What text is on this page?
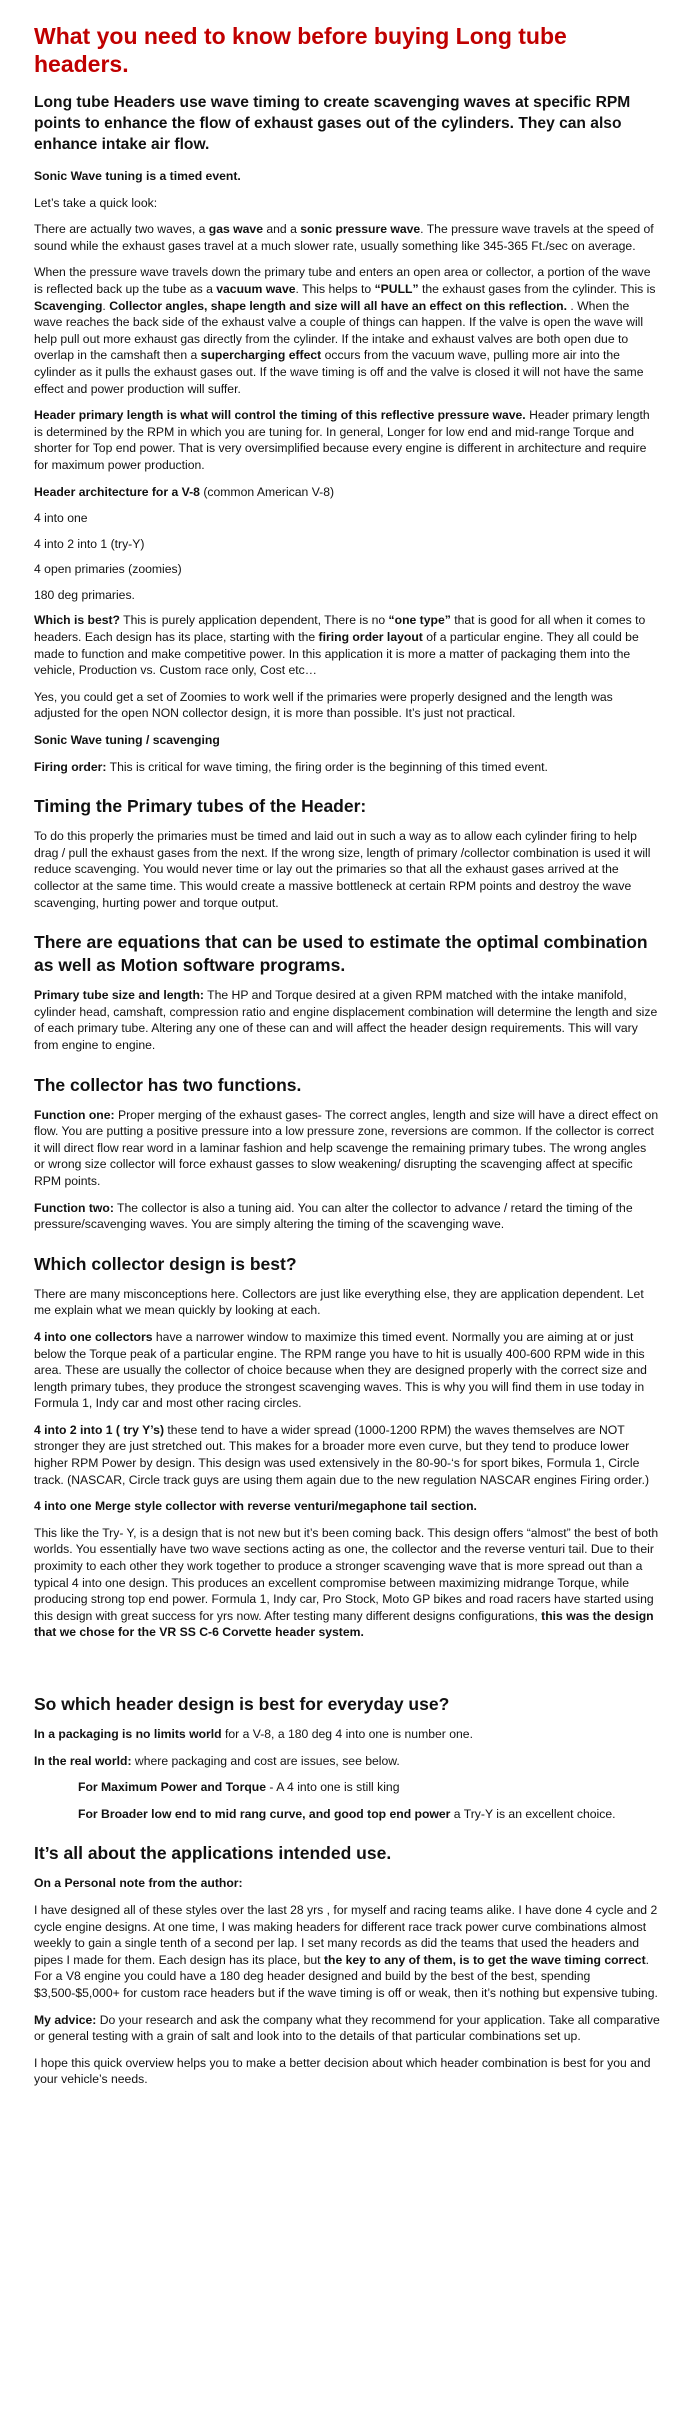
What you need to know before buying Long tube headers.
Long tube Headers use wave timing to create scavenging waves at specific RPM points to enhance the flow of exhaust gases out of the cylinders. They can also enhance intake air flow.

Sonic Wave tuning is a timed event.

Let’s take a quick look:

There are actually two waves, a gas wave and a sonic pressure wave. The pressure wave travels at the speed of sound while the exhaust gases travel at a much slower rate, usually something like 345-365 Ft./sec on average.

When the pressure wave travels down the primary tube and enters an open area or collector, a portion of the wave is reflected back up the tube as a vacuum wave. This helps to “PULL” the exhaust gases from the cylinder. This is Scavenging. Collector angles, shape length and size will all have an effect on this reflection. . When the wave reaches the back side of the exhaust valve a couple of things can happen. If the valve is open the wave will help pull out more exhaust gas directly from the cylinder. If the intake and exhaust valves are both open due to overlap in the camshaft then a supercharging effect occurs from the vacuum wave, pulling more air into the cylinder as it pulls the exhaust gases out. If the wave timing is off and the valve is closed it will not have the same effect and power production will suffer.

Header primary length is what will control the timing of this reflective pressure wave. Header primary length is determined by the RPM in which you are tuning for. In general, Longer for low end and mid-range Torque and shorter for Top end power. That is very oversimplified because every engine is different in architecture and require for maximum power production.

Header architecture for a V-8 (common American V-8)

4 into one

4 into 2 into 1 (try-Y)

4 open primaries (zoomies)

180 deg primaries.

Which is best? This is purely application dependent, There is no “one type” that is good for all when it comes to headers. Each design has its place, starting with the firing order layout of a particular engine. They all could be made to function and make competitive power. In this application it is more a matter of packaging them into the vehicle, Production vs. Custom race only, Cost etc…

Yes, you could get a set of Zoomies to work well if the primaries were properly designed and the length was adjusted for the open NON collector design, it is more than possible. It’s just not practical.

Sonic Wave tuning / scavenging

Firing order: This is critical for wave timing, the firing order is the beginning of this timed event.

Timing the Primary tubes of the Header:

To do this properly the primaries must be timed and laid out in such a way as to allow each cylinder firing to help drag / pull the exhaust gases from the next. If the wrong size, length of primary /collector combination is used it will reduce scavenging. You would never time or lay out the primaries so that all the exhaust gases arrived at the collector at the same time. This would create a massive bottleneck at certain RPM points and destroy the wave scavenging, hurting power and torque output.

There are equations that can be used to estimate the optimal combination as well as Motion software programs.

Primary tube size and length: The HP and Torque desired at a given RPM matched with the intake manifold, cylinder head, camshaft, compression ratio and engine displacement combination will determine the length and size of each primary tube. Altering any one of these can and will affect the header design requirements. This will vary from engine to engine.

The collector has two functions.

Function one: Proper merging of the exhaust gases- The correct angles, length and size will have a direct effect on flow. You are putting a positive pressure into a low pressure zone, reversions are common. If the collector is correct it will direct flow rear word in a laminar fashion and help scavenge the remaining primary tubes. The wrong angles or wrong size collector will force exhaust gasses to slow weakening/ disrupting the scavenging affect at specific RPM points.

Function two: The collector is also a tuning aid. You can alter the collector to advance / retard the timing of the pressure/scavenging waves. You are simply altering the timing of the scavenging wave.

Which collector design is best?

There are many misconceptions here. Collectors are just like everything else, they are application dependent. Let me explain what we mean quickly by looking at each.

4 into one collectors have a narrower window to maximize this timed event. Normally you are aiming at or just below the Torque peak of a particular engine. The RPM range you have to hit is usually 400-600 RPM wide in this area. These are usually the collector of choice because when they are designed properly with the correct size and length primary tubes, they produce the strongest scavenging waves. This is why you will find them in use today in Formula 1, Indy car and most other racing circles.

4 into 2 into 1 ( try Y’s) these tend to have a wider spread (1000-1200 RPM) the waves themselves are NOT stronger they are just stretched out. This makes for a broader more even curve, but they tend to produce lower higher RPM Power by design. This design was used extensively in the 80-90-‘s for sport bikes, Formula 1, Circle track. (NASCAR, Circle track guys are using them again due to the new regulation NASCAR engines Firing order.)

4 into one Merge style collector with reverse venturi/megaphone tail section.

This like the Try- Y, is a design that is not new but it’s been coming back. This design offers “almost” the best of both worlds. You essentially have two wave sections acting as one, the collector and the reverse venturi tail. Due to their proximity to each other they work together to produce a stronger scavenging wave that is more spread out than a typical 4 into one design. This produces an excellent compromise between maximizing midrange Torque, while producing strong top end power. Formula 1, Indy car, Pro Stock, Moto GP bikes and road racers have started using this design with great success for yrs now. After testing many different designs configurations, this was the design that we chose for the VR SS C-6 Corvette header system.

So which header design is best for everyday use?

In a packaging is no limits world for a V-8, a 180 deg 4 into one is number one.

In the real world: where packaging and cost are issues, see below.

For Maximum Power and Torque - A 4 into one is still king

For Broader low end to mid rang curve, and good top end power a Try-Y is an excellent choice.

It’s all about the applications intended use.

On a Personal note from the author:

I have designed all of these styles over the last 28 yrs , for myself and racing teams alike. I have done 4 cycle and 2 cycle engine designs. At one time, I was making headers for different race track power curve combinations almost weekly to gain a single tenth of a second per lap. I set many records as did the teams that used the headers and pipes I made for them. Each design has its place, but the key to any of them, is to get the wave timing correct. For a V8 engine you could have a 180 deg header designed and build by the best of the best, spending $3,500-$5,000+ for custom race headers but if the wave timing is off or weak, then it’s nothing but expensive tubing.

My advice: Do your research and ask the company what they recommend for your application. Take all comparative or general testing with a grain of salt and look into to the details of that particular combinations set up.

I hope this quick overview helps you to make a better decision about which header combination is best for you and your vehicle’s needs.
